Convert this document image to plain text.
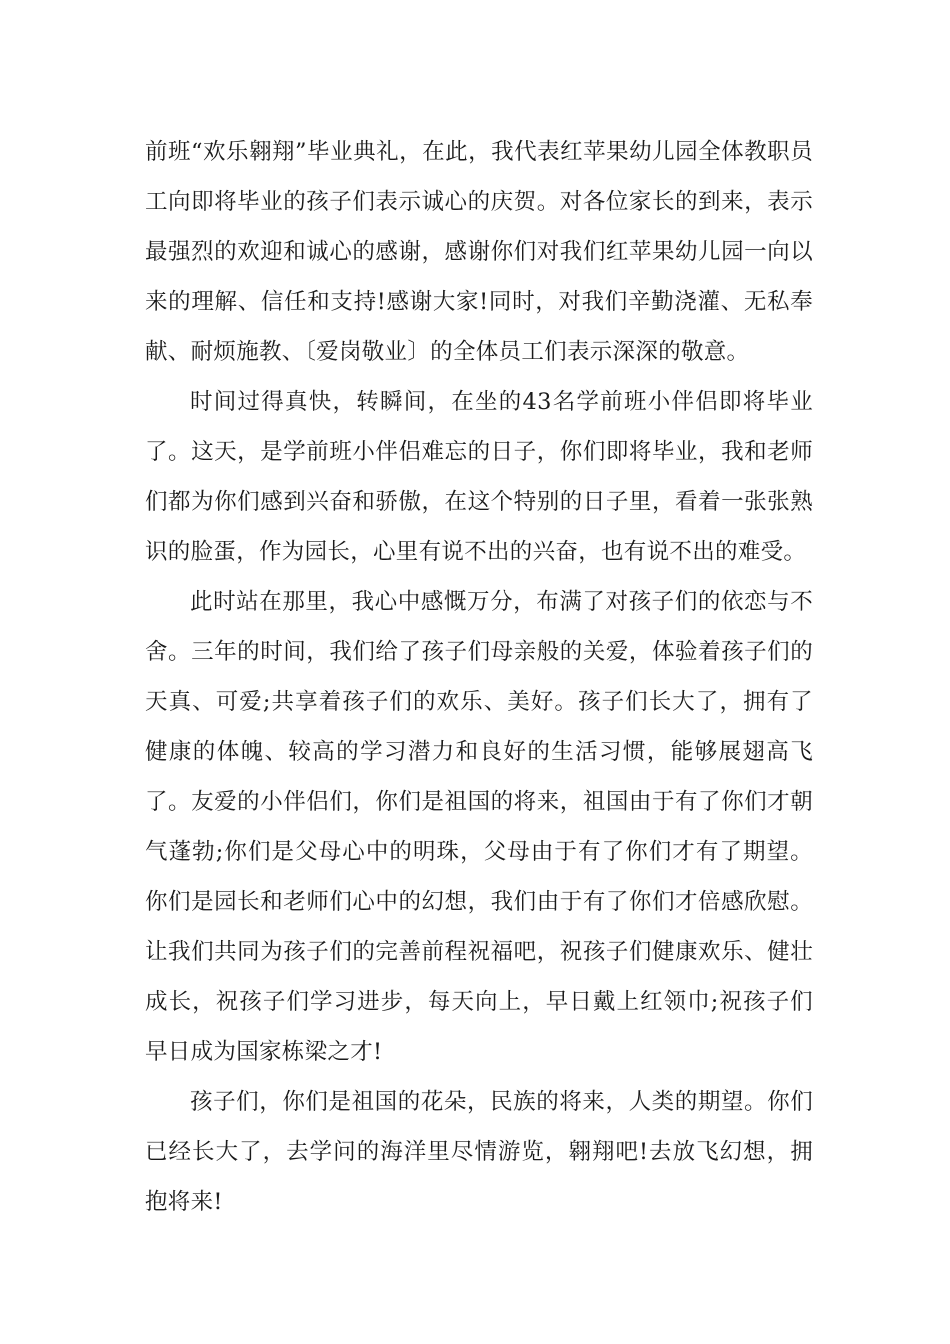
前班“欢乐翱翔”毕业典礼，在此，我代表红苹果幼儿园全体教职员工向即将毕业的孩子们表示诚心的庆贺。对各位家长的到来，表示最强烈的欢迎和诚心的感谢，感谢你们对我们红苹果幼儿园一向以来的理解、信任和支持!感谢大家!同时，对我们辛勤浇灌、无私奉献、耐烦施教、〔爱岗敬业〕的全体员工们表示深深的敬意。

时间过得真快，转瞬间，在坐的43名学前班小伴侣即将毕业了。这天，是学前班小伴侣难忘的日子，你们即将毕业，我和老师们都为你们感到兴奋和骄傲，在这个特别的日子里，看着一张张熟识的脸蛋，作为园长，心里有说不出的兴奋，也有说不出的难受。

此时站在那里，我心中感慨万分，布满了对孩子们的依恋与不舍。三年的时间，我们给了孩子们母亲般的关爱，体验着孩子们的天真、可爱;共享着孩子们的欢乐、美好。孩子们长大了，拥有了健康的体魄、较高的学习潜力和良好的生活习惯，能够展翅高飞了。友爱的小伴侣们，你们是祖国的将来，祖国由于有了你们才朝气蓬勃;你们是父母心中的明珠，父母由于有了你们才有了期望。你们是园长和老师们心中的幻想，我们由于有了你们才倍感欣慰。让我们共同为孩子们的完善前程祝福吧，祝孩子们健康欢乐、健壮成长，祝孩子们学习进步，每天向上，早日戴上红领巾;祝孩子们早日成为国家栋梁之才!

孩子们，你们是祖国的花朵，民族的将来，人类的期望。你们已经长大了，去学问的海洋里尽情游览，翱翔吧!去放飞幻想，拥抱将来!
